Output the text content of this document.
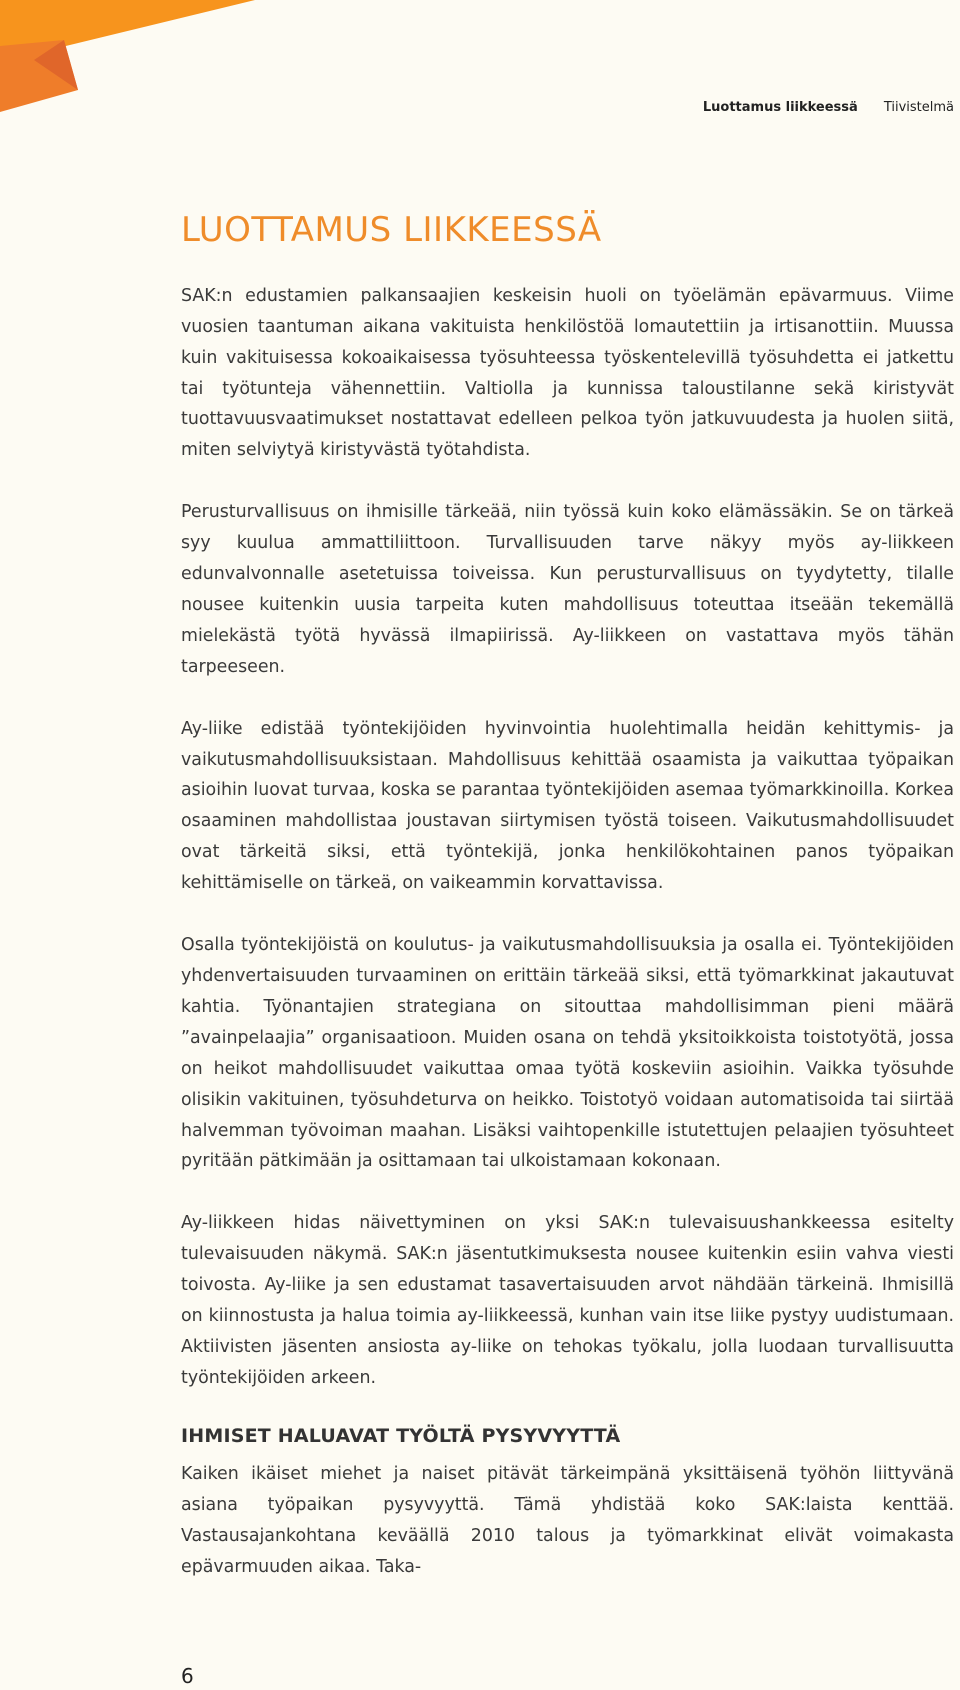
Luottamus liikkeessä Tiivistelmä
LUOTTAMUS LIIKKEESSÄ

SAK:n edustamien palkansaajien keskeisin huoli on työelämän epävarmuus. Viime vuosien taantuman aikana vakituista henkilöstöä lomautettiin ja irtisanottiin. Muussa kuin vakituisessa kokoaikaisessa työsuhteessa työskentelevillä työsuhdetta ei jatkettu tai työtunteja vähennettiin. Valtiolla ja kunnissa taloustilanne sekä kiristyvät tuottavuusvaatimukset nostattavat edelleen pelkoa työn jatkuvuudesta ja huolen siitä, miten selviytyä kiristyvästä työtahdista.

Perusturvallisuus on ihmisille tärkeää, niin työssä kuin koko elämässäkin. Se on tärkeä syy kuulua ammattiliittoon. Turvallisuuden tarve näkyy myös ay-liikkeen edunvalvonnalle asetetuissa toiveissa. Kun perusturvallisuus on tyydytetty, tilalle nousee kuitenkin uusia tarpeita kuten mahdollisuus toteuttaa itseään tekemällä mielekästä työtä hyvässä ilmapiirissä. Ay-liikkeen on vastattava myös tähän tarpeeseen.

Ay-liike edistää työntekijöiden hyvinvointia huolehtimalla heidän kehittymis- ja vaikutusmahdollisuuksistaan. Mahdollisuus kehittää osaamista ja vaikuttaa työpaikan asioihin luovat turvaa, koska se parantaa työntekijöiden asemaa työmarkkinoilla. Korkea osaaminen mahdollistaa joustavan siirtymisen työstä toiseen. Vaikutusmahdollisuudet ovat tärkeitä siksi, että työntekijä, jonka henkilökohtainen panos työpaikan kehittämiselle on tärkeä, on vaikeammin korvattavissa.

Osalla työntekijöistä on koulutus- ja vaikutusmahdollisuuksia ja osalla ei. Työntekijöiden yhdenvertaisuuden turvaaminen on erittäin tärkeää siksi, että työmarkkinat jakautuvat kahtia. Työnantajien strategiana on sitouttaa mahdollisimman pieni määrä ”avainpelaajia” organisaatioon. Muiden osana on tehdä yksitoikkoista toistotyötä, jossa on heikot mahdollisuudet vaikuttaa omaa työtä koskeviin asioihin. Vaikka työsuhde olisikin vakituinen, työsuhdeturva on heikko. Toistotyö voidaan automatisoida tai siirtää halvemman työvoiman maahan. Lisäksi vaihtopenkille istutettujen pelaajien työsuhteet pyritään pätkimään ja osittamaan tai ulkoistamaan kokonaan.

Ay-liikkeen hidas näivettyminen on yksi SAK:n tulevaisuushankkeessa esitelty tulevaisuuden näkymä. SAK:n jäsentutkimuksesta nousee kuitenkin esiin vahva viesti toivosta. Ay-liike ja sen edustamat tasavertaisuuden arvot nähdään tärkeinä. Ihmisillä on kiinnostusta ja halua toimia ay-liikkeessä, kunhan vain itse liike pystyy uudistumaan. Aktiivisten jäsenten ansiosta ay-liike on tehokas työkalu, jolla luodaan turvallisuutta työntekijöiden arkeen.

IHMISET HALUAVAT TYÖLTÄ PYSYVYYTTÄ

Kaiken ikäiset miehet ja naiset pitävät tärkeimpänä yksittäisenä työhön liittyvänä asiana työpaikan pysyvyyttä. Tämä yhdistää koko SAK:laista kenttää. Vastausajankohtana keväällä 2010 talous ja työmarkkinat elivät voimakasta epävarmuuden aikaa. Taka-

6
